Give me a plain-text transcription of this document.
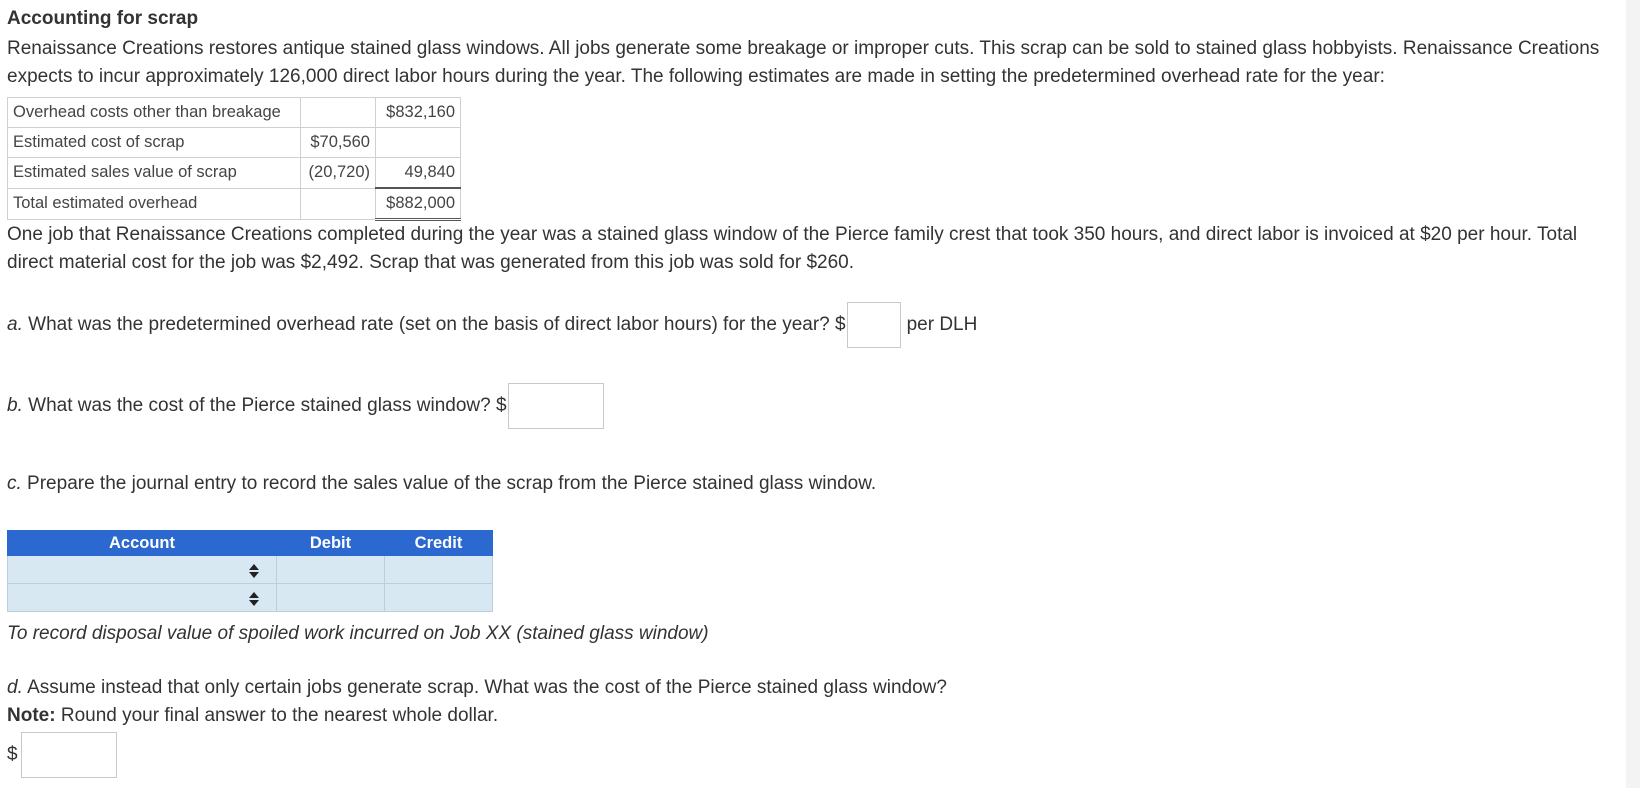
Accounting for scrap

Renaissance Creations restores antique stained glass windows. All jobs generate some breakage or improper cuts. This scrap can be sold to stained glass hobbyists. Renaissance Creations expects to incur approximately 126,000 direct labor hours during the year. The following estimates are made in setting the predetermined overhead rate for the year:

Overhead costs other than breakage		$832,160
Estimated cost of scrap	$70,560	
Estimated sales value of scrap	(20,720)	49,840
Total estimated overhead		$882,000

One job that Renaissance Creations completed during the year was a stained glass window of the Pierce family crest that took 350 hours, and direct labor is invoiced at $20 per hour. Total direct material cost for the job was $2,492. Scrap that was generated from this job was sold for $260.

a. What was the predetermined overhead rate (set on the basis of direct labor hours) for the year? $	per DLH
b. What was the cost of the Pierce stained glass window? $
c. Prepare the journal entry to record the sales value of the scrap from the Pierce stained glass window.
Account	Debit	Credit

To record disposal value of spoiled work incurred on Job XX (stained glass window)
d. Assume instead that only certain jobs generate scrap. What was the cost of the Pierce stained glass window?
Note: Round your final answer to the nearest whole dollar.
$
